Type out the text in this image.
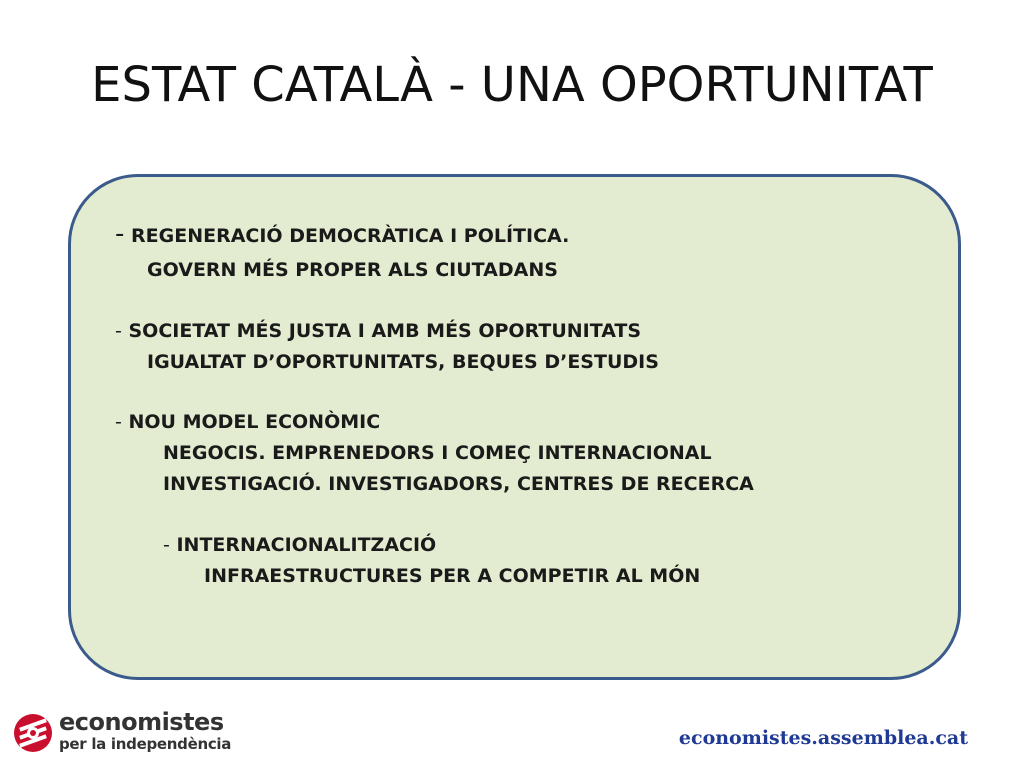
ESTAT CATALÀ - UNA OPORTUNITAT
- REGENERACIÓ DEMOCRÀTICA I POLÍTICA.
GOVERN MÉS PROPER ALS CIUTADANS
- SOCIETAT MÉS JUSTA I AMB MÉS OPORTUNITATS
IGUALTAT D’OPORTUNITATS, BEQUES D’ESTUDIS
- NOU MODEL ECONÒMIC
NEGOCIS. EMPRENEDORS I COMEÇ INTERNACIONAL
INVESTIGACIÓ. INVESTIGADORS, CENTRES DE RECERCA
- INTERNACIONALITZACIÓ
INFRAESTRUCTURES PER A COMPETIR AL MÓN
economistes
per la independència	economistes.assemblea.cat
